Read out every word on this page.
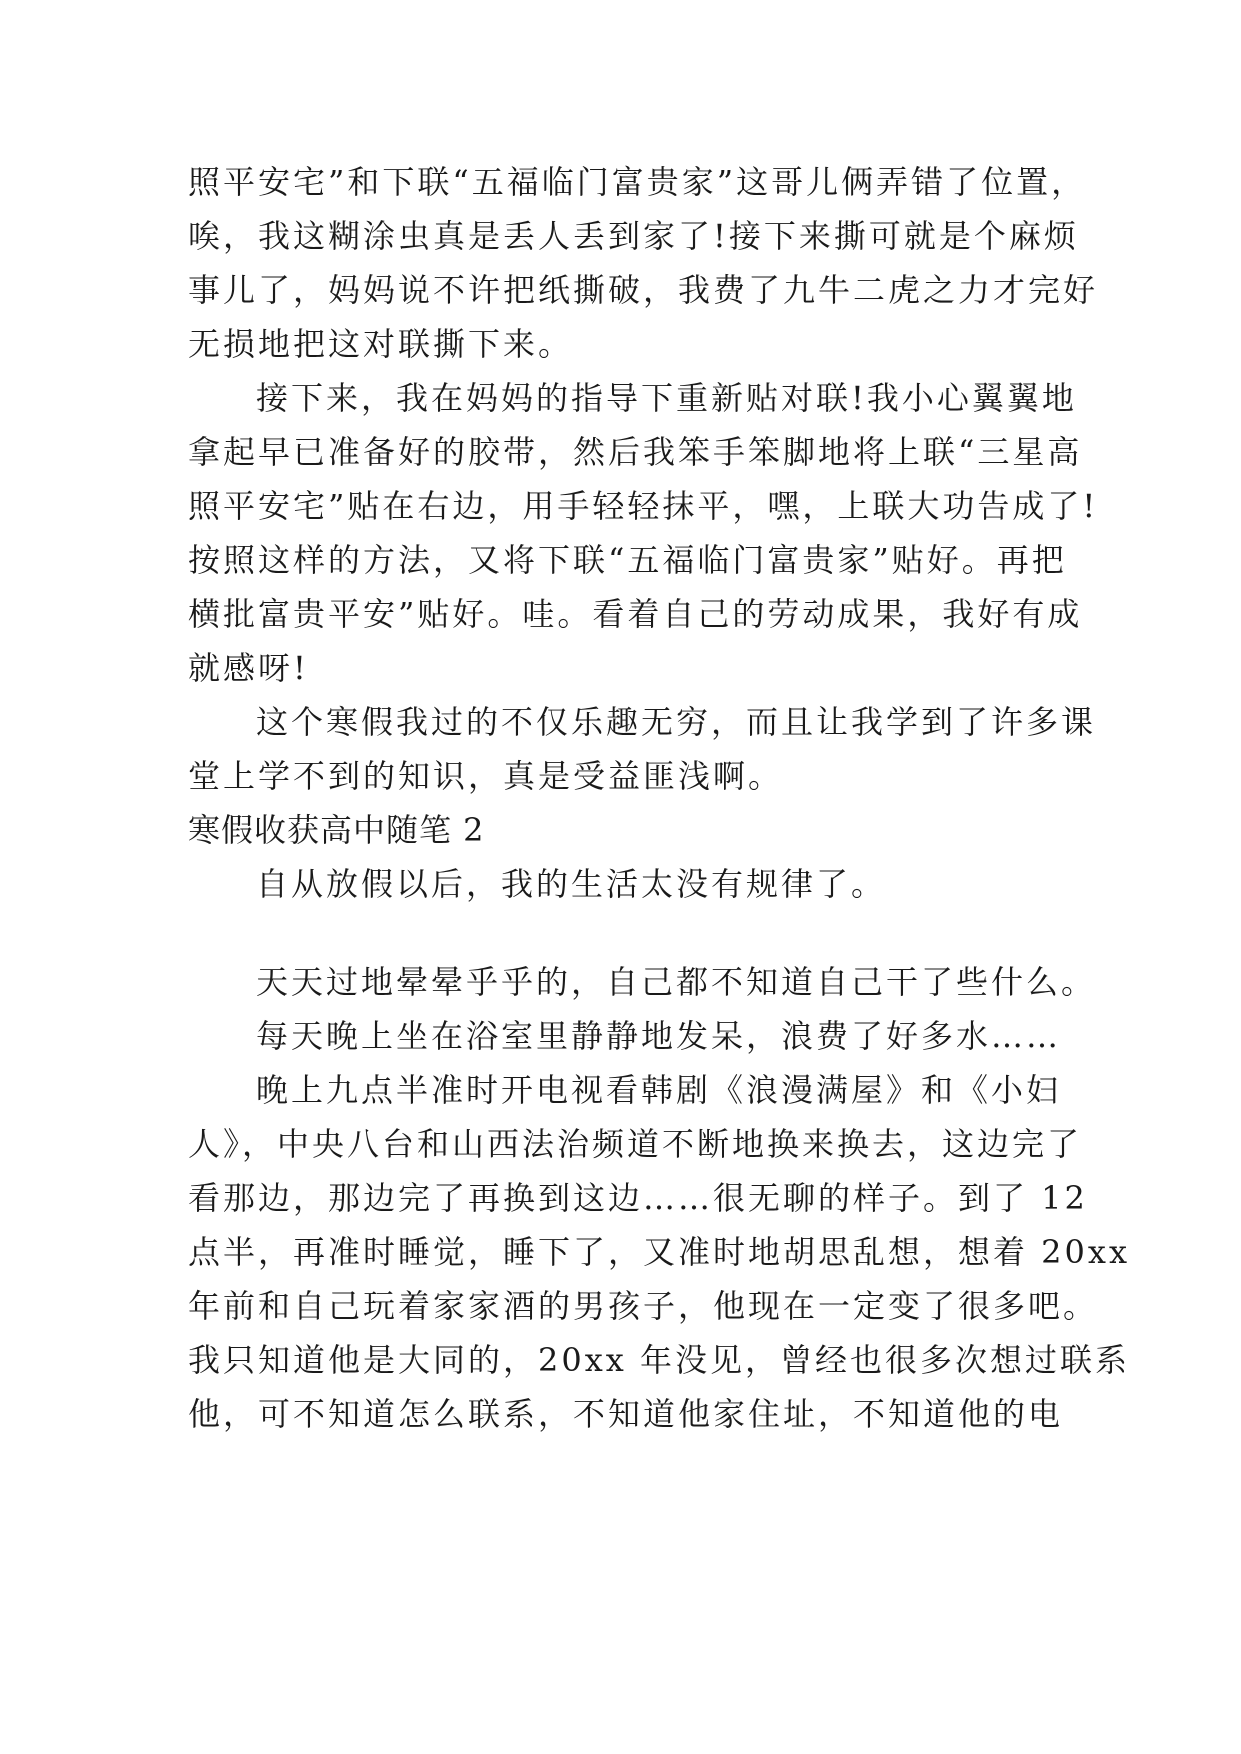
照平安宅”和下联“五福临门富贵家”这哥儿俩弄错了位置，
唉，我这糊涂虫真是丢人丢到家了!接下来撕可就是个麻烦
事儿了，妈妈说不许把纸撕破，我费了九牛二虎之力才完好
无损地把这对联撕下来。
接下来，我在妈妈的指导下重新贴对联!我小心翼翼地
拿起早已准备好的胶带，然后我笨手笨脚地将上联“三星高
照平安宅”贴在右边，用手轻轻抹平，嘿，上联大功告成了!
按照这样的方法，又将下联“五福临门富贵家”贴好。再把
横批富贵平安”贴好。哇。看着自己的劳动成果，我好有成
就感呀!
这个寒假我过的不仅乐趣无穷，而且让我学到了许多课
堂上学不到的知识，真是受益匪浅啊。
寒假收获高中随笔 2
自从放假以后，我的生活太没有规律了。
天天过地晕晕乎乎的，自己都不知道自己干了些什么。
每天晚上坐在浴室里静静地发呆，浪费了好多水……
晚上九点半准时开电视看韩剧《浪漫满屋》和《小妇
人》，中央八台和山西法治频道不断地换来换去，这边完了
看那边，那边完了再换到这边……很无聊的样子。到了 12
点半，再准时睡觉，睡下了，又准时地胡思乱想，想着 20xx
年前和自己玩着家家酒的男孩子，他现在一定变了很多吧。
我只知道他是大同的，20xx 年没见，曾经也很多次想过联系
他，可不知道怎么联系，不知道他家住址，不知道他的电
